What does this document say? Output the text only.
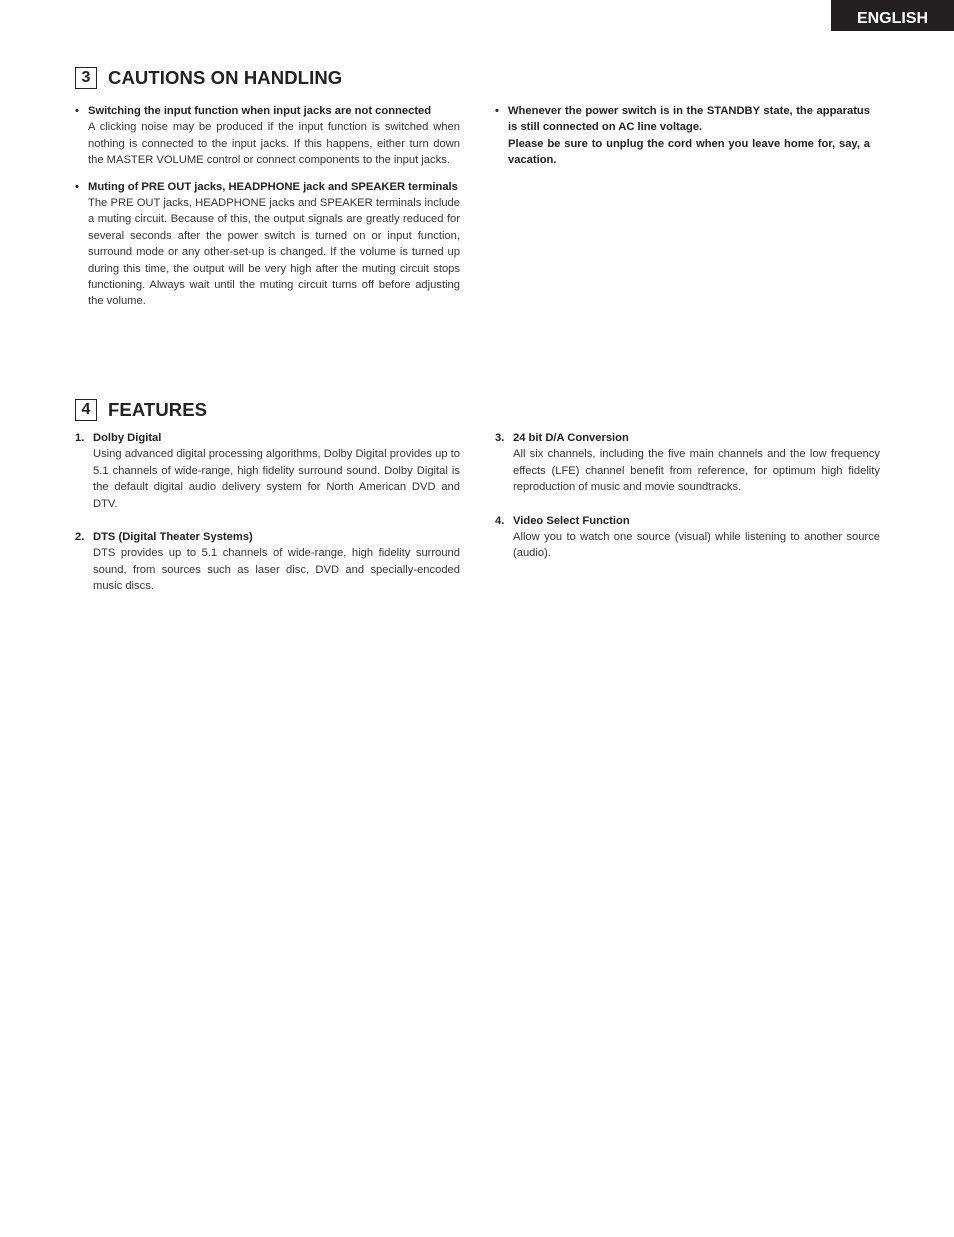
ENGLISH
3 CAUTIONS ON HANDLING
• Switching the input function when input jacks are not connected
A clicking noise may be produced if the input function is switched when nothing is connected to the input jacks. If this happens, either turn down the MASTER VOLUME control or connect components to the input jacks.
• Muting of PRE OUT jacks, HEADPHONE jack and SPEAKER terminals
The PRE OUT jacks, HEADPHONE jacks and SPEAKER terminals include a muting circuit. Because of this, the output signals are greatly reduced for several seconds after the power switch is turned on or input function, surround mode or any other-set-up is changed. If the volume is turned up during this time, the output will be very high after the muting circuit stops functioning. Always wait until the muting circuit turns off before adjusting the volume.
• Whenever the power switch is in the STANDBY state, the apparatus is still connected on AC line voltage.
Please be sure to unplug the cord when you leave home for, say, a vacation.
4 FEATURES
1. Dolby Digital
Using advanced digital processing algorithms, Dolby Digital provides up to 5.1 channels of wide-range, high fidelity surround sound. Dolby Digital is the default digital audio delivery system for North American DVD and DTV.
2. DTS (Digital Theater Systems)
DTS provides up to 5.1 channels of wide-range, high fidelity surround sound, from sources such as laser disc, DVD and specially-encoded music discs.
3. 24 bit D/A Conversion
All six channels, including the five main channels and the low frequency effects (LFE) channel benefit from reference, for optimum high fidelity reproduction of music and movie soundtracks.
4. Video Select Function
Allow you to watch one source (visual) while listening to another source (audio).
